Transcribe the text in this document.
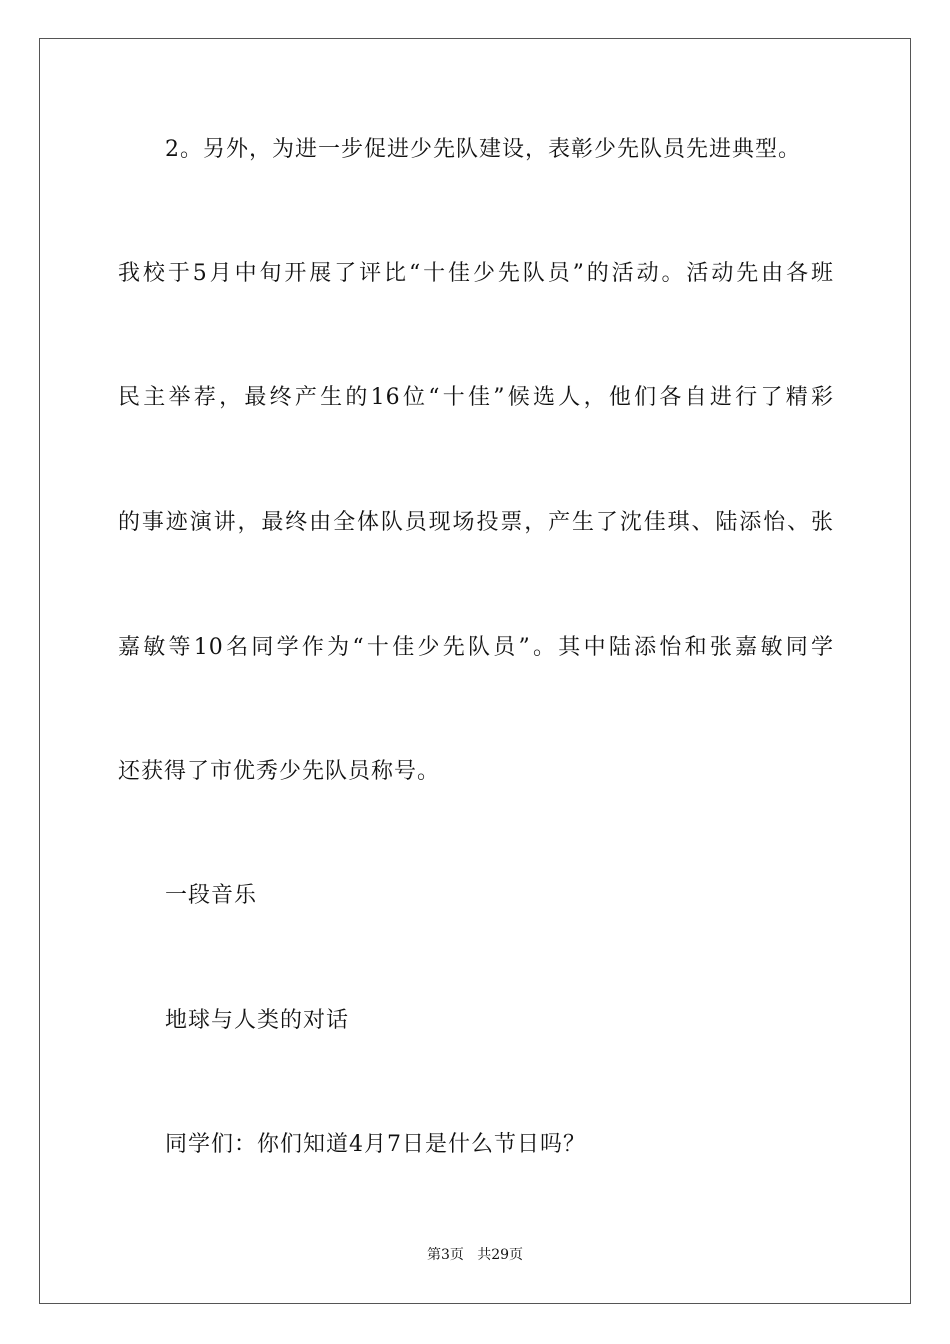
2。另外，为进一步促进少先队建设，表彰少先队员先进典型。
我校于5月中旬开展了评比“十佳少先队员”的活动。活动先由各班
民主举荐，最终产生的16位“十佳”候选人，他们各自进行了精彩
的事迹演讲，最终由全体队员现场投票，产生了沈佳琪、陆添怡、张
嘉敏等10名同学作为“十佳少先队员”。其中陆添怡和张嘉敏同学
还获得了市优秀少先队员称号。
一段音乐
地球与人类的对话
同学们：你们知道4月7日是什么节日吗？
第3页   共29页
